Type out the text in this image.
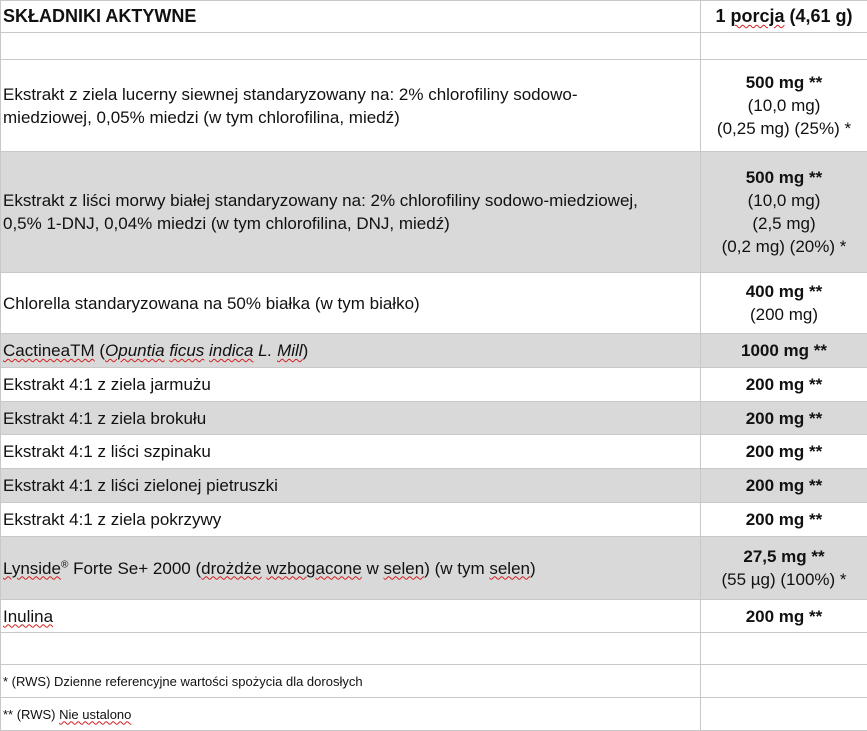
SKŁADNIKI AKTYWNE	1 porcja (4,61 g)

Ekstrakt z ziela lucerny siewnej standaryzowany na: 2% chlorofiliny sodowo-
miedziowej, 0,05% miedzi (w tym chlorofilina, miedź)	500 mg **
(10,0 mg)
(0,25 mg) (25%) *
Ekstrakt z liści morwy białej standaryzowany na: 2% chlorofiliny sodowo-miedziowej,
0,5% 1-DNJ, 0,04% miedzi (w tym chlorofilina, DNJ, miedź)	500 mg **
(10,0 mg)
(2,5 mg)
(0,2 mg) (20%) *
Chlorella standaryzowana na 50% białka (w tym białko)	400 mg **
(200 mg)
CactineaTM (Opuntia ficus indica L. Mill)	1000 mg **
Ekstrakt 4:1 z ziela jarmużu	200 mg **
Ekstrakt 4:1 z ziela brokułu	200 mg **
Ekstrakt 4:1 z liści szpinaku	200 mg **
Ekstrakt 4:1 z liści zielonej pietruszki	200 mg **
Ekstrakt 4:1 z ziela pokrzywy	200 mg **
Lynside® Forte Se+ 2000 (drożdże wzbogacone w selen) (w tym selen)	27,5 mg **
(55 µg) (100%) *
Inulina	200 mg **

* (RWS) Dzienne referencyjne wartości spożycia dla dorosłych	
** (RWS) Nie ustalono	
